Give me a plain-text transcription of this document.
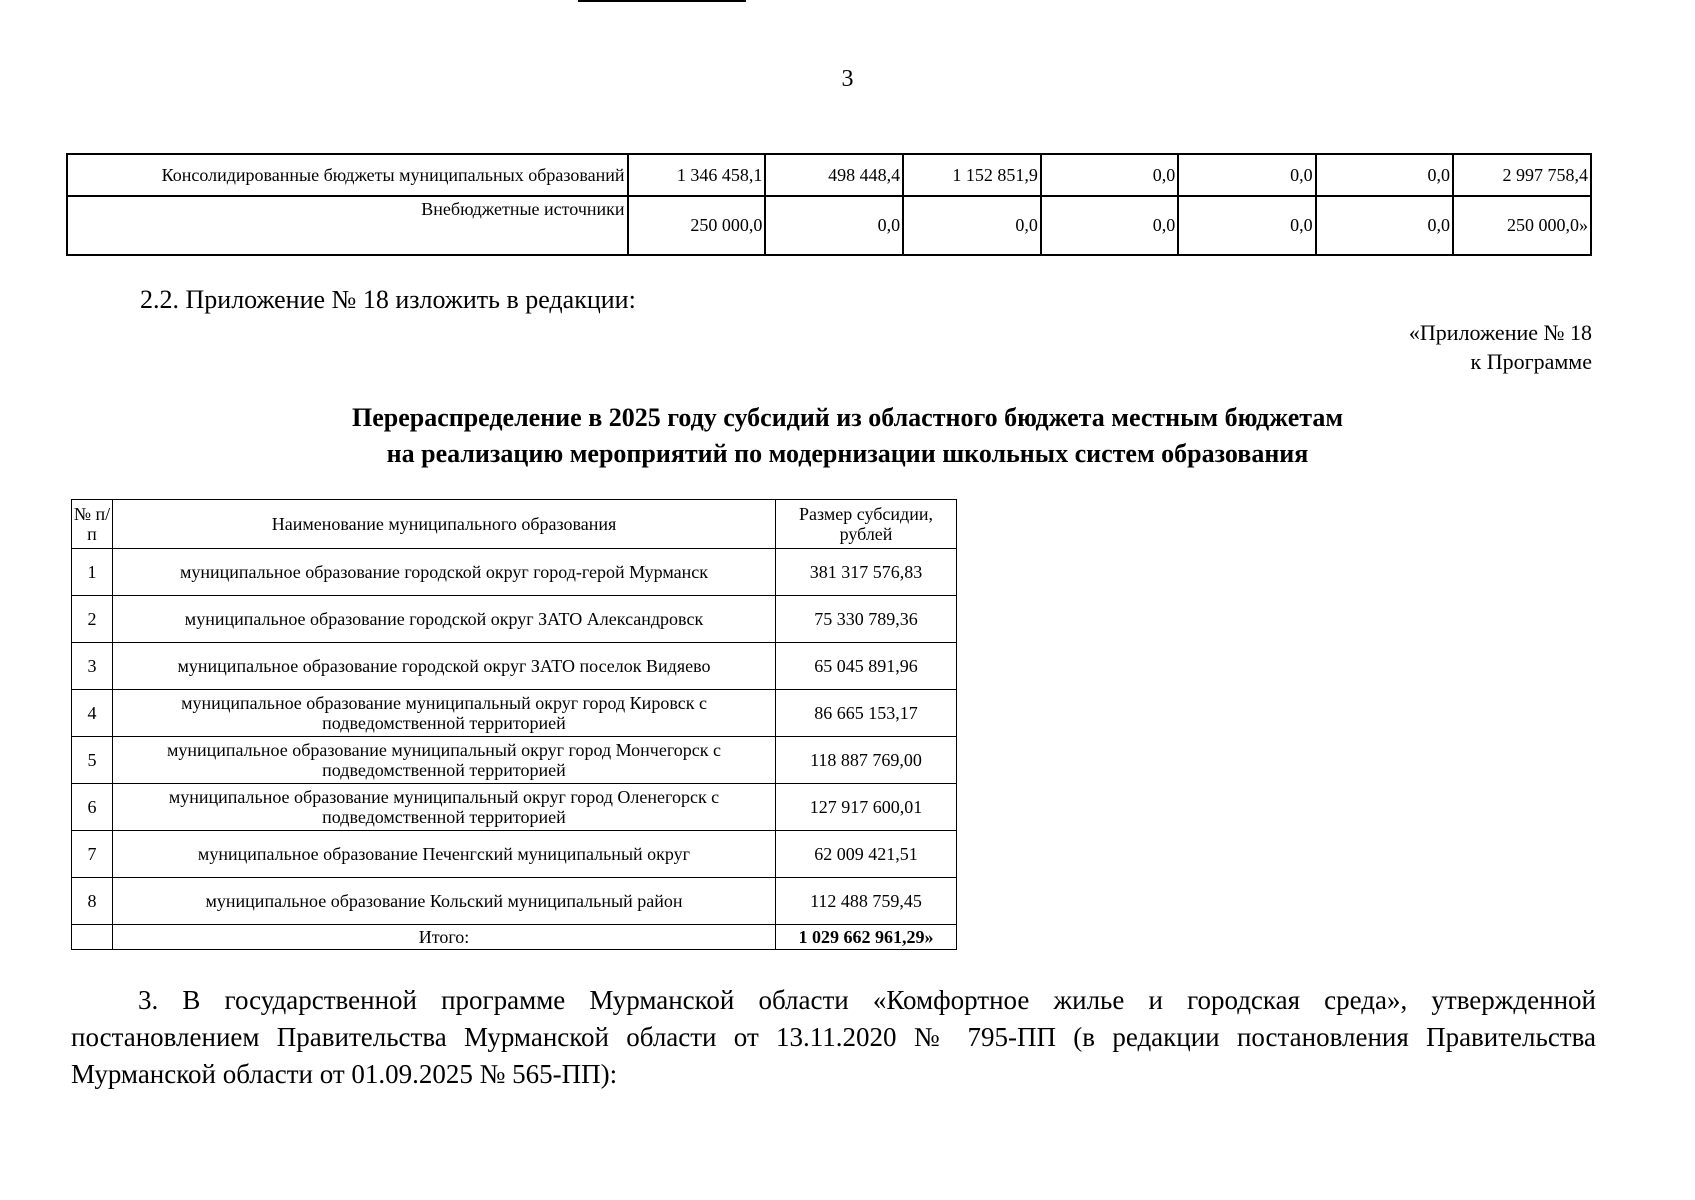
3
Консолидированные бюджеты муниципальных образований	1 346 458,1	498 448,4	1 152 851,9	0,0	0,0	0,0	2 997 758,4
Внебюджетные источники	250 000,0	0,0	0,0	0,0	0,0	0,0	250 000,0»
2.2. Приложение № 18 изложить в редакции:
«Приложение № 18
к Программе
Перераспределение в 2025 году субсидий из областного бюджета местным бюджетам
на реализацию мероприятий по модернизации школьных систем образования
№ п/п	Наименование муниципального образования	Размер субсидии, рублей
1	муниципальное образование городской округ город-герой Мурманск	381 317 576,83
2	муниципальное образование городской округ ЗАТО Александровск	75 330 789,36
3	муниципальное образование городской округ ЗАТО поселок Видяево	65 045 891,96
4	муниципальное образование муниципальный округ город Кировск с подведомственной территорией	86 665 153,17
5	муниципальное образование муниципальный округ город Мончегорск с подведомственной территорией	118 887 769,00
6	муниципальное образование муниципальный округ город Оленегорск с подведомственной территорией	127 917 600,01
7	муниципальное образование Печенгский муниципальный округ	62 009 421,51
8	муниципальное образование Кольский муниципальный район	112 488 759,45
	Итого:	1 029 662 961,29»
3. В государственной программе Мурманской области «Комфортное жилье и городская среда», утвержденной постановлением Правительства Мурманской области от 13.11.2020 № 795-ПП (в редакции постановления Правительства Мурманской области от 01.09.2025 № 565-ПП):
